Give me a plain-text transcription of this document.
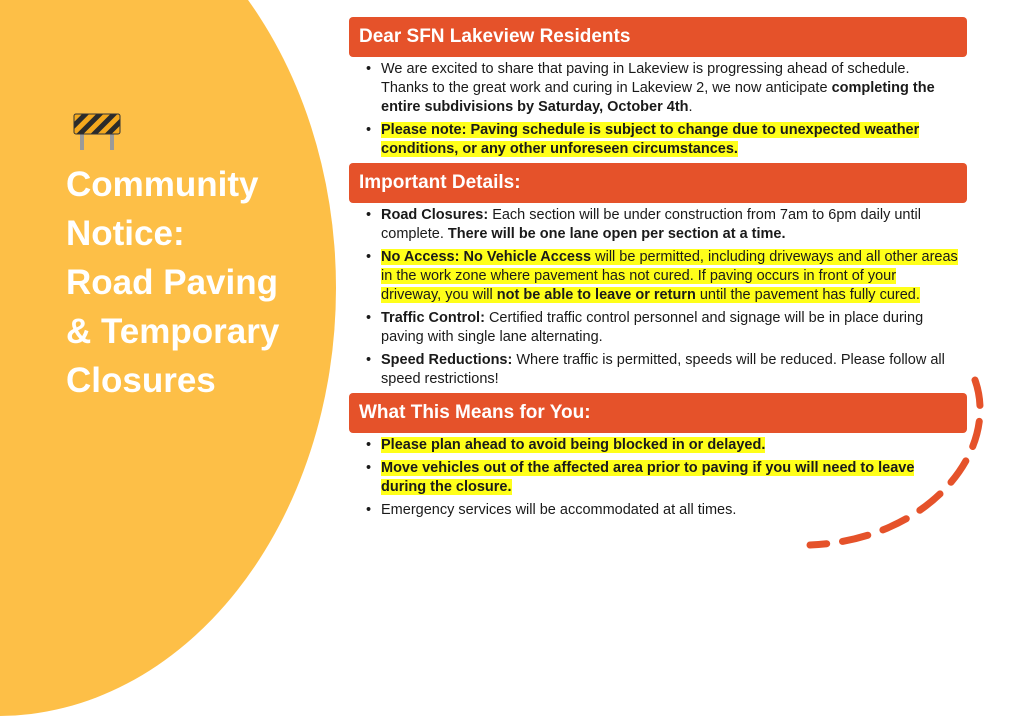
Community
Notice:
Road Paving
& Temporary
Closures
Dear SFN Lakeview Residents
• We are excited to share that paving in Lakeview is progressing ahead of schedule. Thanks to the great work and curing in Lakeview 2, we now anticipate completing the entire subdivisions by Saturday, October 4th.
• Please note: Paving schedule is subject to change due to unexpected weather conditions, or any other unforeseen circumstances.
Important Details:
• Road Closures: Each section will be under construction from 7am to 6pm daily until complete. There will be one lane open per section at a time.
• No Access: No Vehicle Access will be permitted, including driveways and all other areas in the work zone where pavement has not cured. If paving occurs in front of your driveway, you will not be able to leave or return until the pavement has fully cured.
• Traffic Control: Certified traffic control personnel and signage will be in place during paving with single lane alternating.
• Speed Reductions: Where traffic is permitted, speeds will be reduced. Please follow all speed restrictions!
What This Means for You:
• Please plan ahead to avoid being blocked in or delayed.
• Move vehicles out of the affected area prior to paving if you will need to leave during the closure.
• Emergency services will be accommodated at all times.
